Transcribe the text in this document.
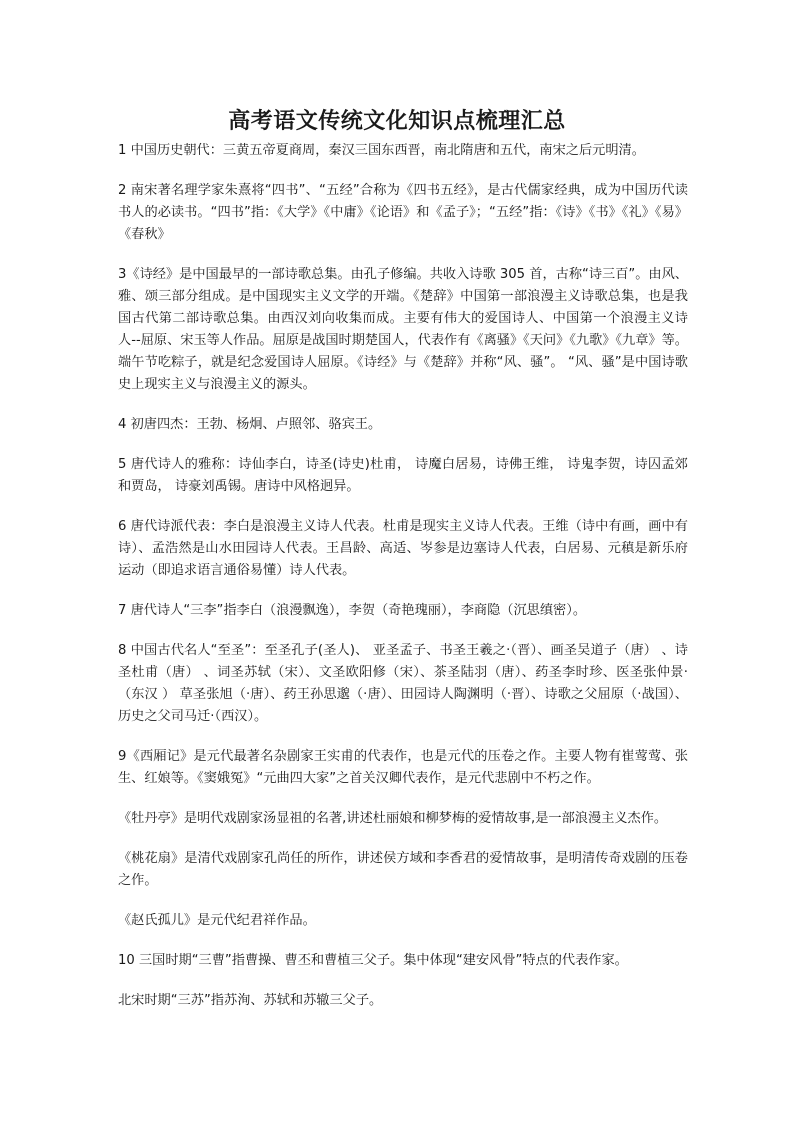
高考语文传统文化知识点梳理汇总

1 中国历史朝代：三黄五帝夏商周，秦汉三国东西晋，南北隋唐和五代，南宋之后元明清。

2 南宋著名理学家朱熹将“四书”、“五经”合称为《四书五经》，是古代儒家经典，成为中国历代读书人的必读书。“四书”指：《大学》《中庸》《论语》和《孟子》；“五经”指：《诗》《书》《礼》《易》《春秋》

3《诗经》是中国最早的一部诗歌总集。由孔子修编。共收入诗歌 305 首，古称“诗三百”。由风、雅、颂三部分组成。是中国现实主义文学的开端。《楚辞》中国第一部浪漫主义诗歌总集，也是我国古代第二部诗歌总集。由西汉刘向收集而成。主要有伟大的爱国诗人、中国第一个浪漫主义诗人--屈原、宋玉等人作品。屈原是战国时期楚国人，代表作有《离骚》《天问》《九歌》《九章》等。端午节吃粽子，就是纪念爱国诗人屈原。《诗经》与《楚辞》并称“风、骚”。 “风、骚”是中国诗歌史上现实主义与浪漫主义的源头。

4 初唐四杰：王勃、杨炯、卢照邻、骆宾王。

5 唐代诗人的雅称：诗仙李白，诗圣(诗史)杜甫， 诗魔白居易，诗佛王维， 诗鬼李贺，诗囚孟郊和贾岛， 诗豪刘禹锡。唐诗中风格迥异。

6 唐代诗派代表：李白是浪漫主义诗人代表。杜甫是现实主义诗人代表。王维（诗中有画，画中有诗）、孟浩然是山水田园诗人代表。王昌龄、高适、岑参是边塞诗人代表，白居易、元稹是新乐府运动（即追求语言通俗易懂）诗人代表。

7 唐代诗人“三李”指李白（浪漫飘逸），李贺（奇艳瑰丽），李商隐（沉思缜密）。

8 中国古代名人“至圣”：至圣孔子(圣人)、 亚圣孟子、书圣王羲之·（晋）、画圣吴道子（唐） 、诗圣杜甫（唐） 、词圣苏轼（宋）、文圣欧阳修（宋）、茶圣陆羽（唐）、药圣李时珍、医圣张仲景·（东汉 ） 草圣张旭（·唐）、药王孙思邈（·唐）、田园诗人陶渊明（·晋）、诗歌之父屈原（·战国）、 历史之父司马迁·（西汉）。

9《西厢记》是元代最著名杂剧家王实甫的代表作，也是元代的压卷之作。主要人物有崔莺莺、张生、红娘等。《窦娥冤》“元曲四大家”之首关汉卿代表作，是元代悲剧中不朽之作。

《牡丹亭》是明代戏剧家汤显祖的名著,讲述杜丽娘和柳梦梅的爱情故事,是一部浪漫主义杰作。

《桃花扇》是清代戏剧家孔尚任的所作，讲述侯方域和李香君的爱情故事，是明清传奇戏剧的压卷之作。

《赵氏孤儿》是元代纪君祥作品。

10 三国时期“三曹”指曹操、曹丕和曹植三父子。集中体现“建安风骨”特点的代表作家。

北宋时期“三苏”指苏洵、苏轼和苏辙三父子。
